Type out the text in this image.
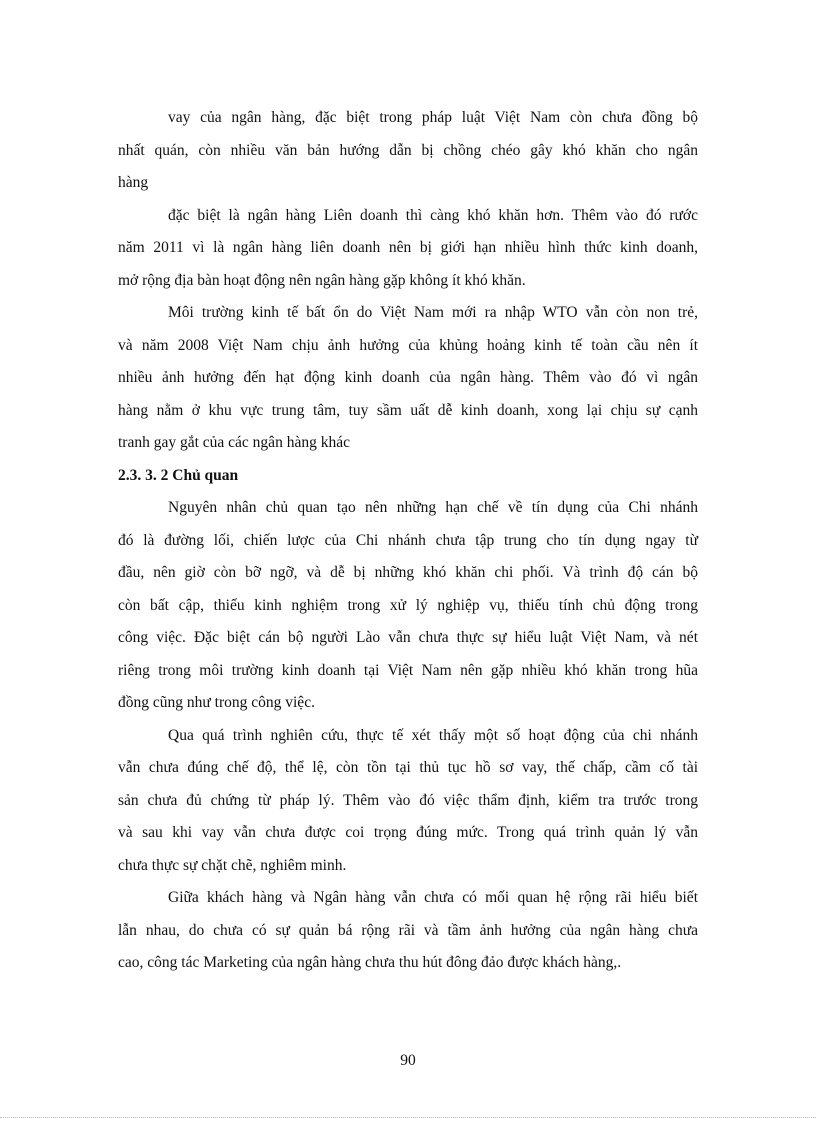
vay của ngân hàng, đặc biệt trong pháp luật Việt Nam còn chưa đồng bộ
nhất quán, còn nhiều văn bản hướng dẫn bị chồng chéo gây khó khăn cho ngân
hàng
đặc biệt là ngân hàng Liên doanh thì càng khó khăn hơn. Thêm vào đó rước
năm 2011 vì là ngân hàng liên doanh nên bị giới hạn nhiều hình thức kinh doanh,
mở rộng địa bàn hoạt động nên ngân hàng gặp không ít khó khăn.
Môi trường kinh tế bất ổn do Việt Nam mới ra nhập WTO vẫn còn non trẻ,
và năm 2008 Việt Nam chịu ảnh hưởng của khủng hoảng kinh tế toàn cầu nên ít
nhiều ảnh hưởng đến hạt động kinh doanh của ngân hàng. Thêm vào đó vì ngân
hàng nằm ở khu vực trung tâm, tuy sầm uất dễ kinh doanh, xong lại chịu sự cạnh
tranh gay gắt của các ngân hàng khác
2.3. 3. 2 Chủ quan
Nguyên nhân chủ quan tạo nên những hạn chế về tín dụng của Chi nhánh
đó là đường lối, chiến lược của Chi nhánh chưa tập trung cho tín dụng ngay từ
đầu, nên giờ còn bỡ ngỡ, và dễ bị những khó khăn chi phối. Và trình độ cán bộ
còn bất cập, thiếu kinh nghiệm trong xử lý nghiệp vụ, thiếu tính chủ động trong
công việc. Đặc biệt cán bộ người Lào vẫn chưa thực sự hiểu luật Việt Nam, và nét
riêng trong môi trường kinh doanh tại Việt Nam nên gặp nhiều khó khăn trong hũa
đồng cũng như trong công việc.
Qua quá trình nghiên cứu, thực tế xét thấy một số hoạt động của chi nhánh
vẫn chưa đúng chế độ, thể lệ, còn tồn tại thủ tục hồ sơ vay, thế chấp, cầm cố tài
sản chưa đủ chứng từ pháp lý. Thêm vào đó việc thẩm định, kiểm tra trước trong
và sau khi vay vẫn chưa được coi trọng đúng mức. Trong quá trình quản lý vẫn
chưa thực sự chặt chẽ, nghiêm minh.
Giữa khách hàng và Ngân hàng vẫn chưa có mối quan hệ rộng rãi hiểu biết
lẫn nhau, do chưa có sự quản bá rộng rãi và tầm ảnh hưởng của ngân hàng chưa
cao, công tác Marketing của ngân hàng chưa thu hút đông đảo được khách hàng,.
90
